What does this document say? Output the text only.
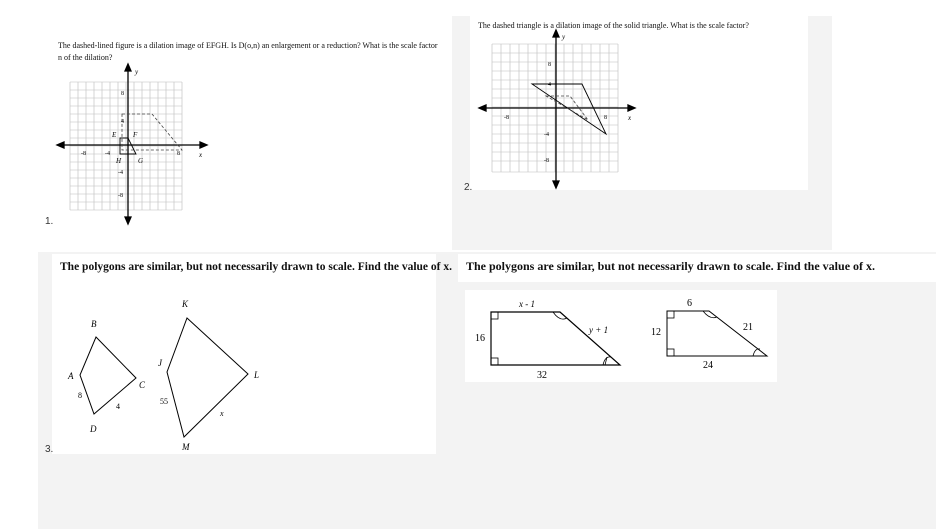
The dashed-lined figure is a dilation image of EFGH. Is D(o,n) an enlargement or a reduction? What is the scale factor n of the dilation?
1.
y
x
8
4
-4
-8
-8	-4	8
E F
H G
The dashed triangle is a dilation image of the solid triangle. What is the scale factor?
2.
y
x
8
4
-4
-8
-8	8
The polygons are similar, but not necessarily drawn to scale. Find the value of x.
3.
B
A
C
D
8
4
K
J
L
M
55
x
The polygons are similar, but not necessarily drawn to scale. Find the value of x.
x - 1
y + 1
16
32
6
12	21
24
